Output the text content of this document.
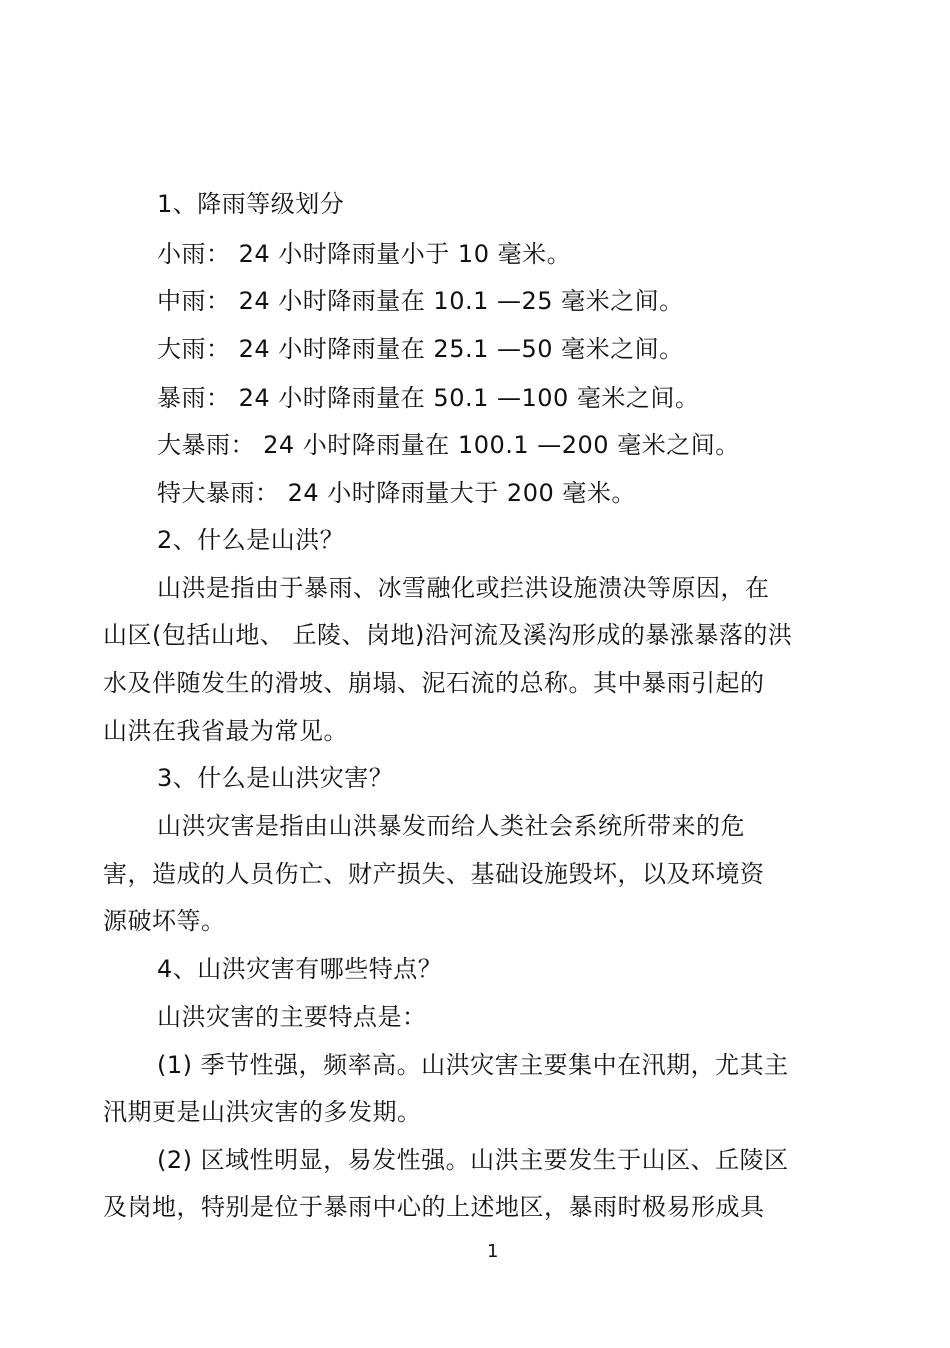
1、降雨等级划分
小雨： 24 小时降雨量小于 10 毫米。
中雨： 24 小时降雨量在 10.1 —25 毫米之间。
大雨： 24 小时降雨量在 25.1 —50 毫米之间。
暴雨： 24 小时降雨量在 50.1 —100 毫米之间。
大暴雨： 24 小时降雨量在 100.1 —200 毫米之间。
特大暴雨： 24 小时降雨量大于 200 毫米。
2、什么是山洪？
山洪是指由于暴雨、冰雪融化或拦洪设施溃决等原因，在
山区(包括山地、 丘陵、岗地)沿河流及溪沟形成的暴涨暴落的洪
水及伴随发生的滑坡、崩塌、泥石流的总称。其中暴雨引起的
山洪在我省最为常见。
3、什么是山洪灾害？
山洪灾害是指由山洪暴发而给人类社会系统所带来的危
害，造成的人员伤亡、财产损失、基础设施毁坏，以及环境资
源破坏等。
4、山洪灾害有哪些特点？
山洪灾害的主要特点是：
(1) 季节性强，频率高。山洪灾害主要集中在汛期，尤其主
汛期更是山洪灾害的多发期。
(2) 区域性明显，易发性强。山洪主要发生于山区、丘陵区
及岗地，特别是位于暴雨中心的上述地区，暴雨时极易形成具
1
